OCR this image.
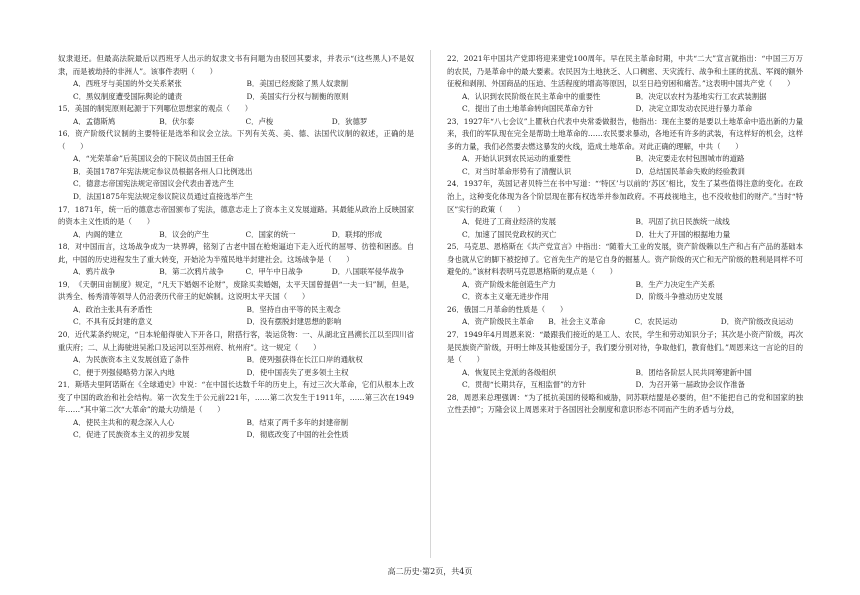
奴隶退还。但最高法院最后以西班牙人出示的奴隶文书有问题为由驳回其要求，并表示“(这些黑人)不是奴隶，而是被劫持的非洲人”。该事件表明（　　）
A．西班牙与美国的外交关系紧张	B．美国已经废除了黑人奴隶制
C．黑奴制度遭受国际舆论的谴责	D．美国实行分权与制衡的原则
15．美国的制宪原则起源于下列哪位思想家的观点（　　）
A．孟德斯鸠	B．伏尔泰	C．卢梭	D．狄德罗
16．资产阶级代议制的主要特征是选举和议会立法。下列有关英、美、德、法国代议制的叙述，正确的是（　　）
A．“光荣革命”后英国议会的下院议员由国王任命
B．美国1787年宪法规定参议员根据各州人口比例选出
C．德意志帝国宪法规定帝国议会代表由普选产生
D．法国1875年宪法规定参议院议员通过直接选举产生
17．1871年，统一后的德意志帝国颁布了宪法，德意志走上了资本主义发展道路。其最能从政治上反映国家的资本主义性质的是（　　）
A．内阁的建立	B．议会的产生	C．国家的统一	D．联邦的形成
18．对中国而言，这场战争成为一块界碑，铭刻了古老中国在枪炮逼迫下走入近代的屈辱、彷徨和困惑。自此，中国的历史进程发生了重大转变，开始沦为半殖民地半封建社会。这场战争是（　　）
A．鸦片战争	B．第二次鸦片战争	C．甲午中日战争	D．八国联军侵华战争
19．《天朝田亩制度》规定，“凡天下婚姻不论财”，废除买卖婚姻，太平天国曾提倡“一夫一妇”制，但是，洪秀全、杨秀清等领导人仍沿袭历代帝王的妃嫔制。这说明太平天国（　　）
A．政治主张具有矛盾性	B．坚持自由平等的民主观念
C．不具有反封建的意义	D．没有摆脱封建思想的影响
20．近代某条约规定，“日本轮船得驶入下开各口，附搭行客，装运货物：一、从湖北宜昌溯长江以至四川省重庆府；二、从上海驶进吴淞口及运河以至苏州府、杭州府”。这一规定（　　）
A．为民族资本主义发展创造了条件	B．使列强获得在长江口岸的通航权
C．便于列强侵略势力深入内地	D．使中国丧失了更多领土主权
21．斯塔夫里阿诺斯在《全球通史》中说：“在中国长达数千年的历史上，有过三次大革命，它们从根本上改变了中国的政治和社会结构。第一次发生于公元前221年，……第二次发生于1911年，……第三次在1949年……”其中第二次“大革命”的最大功绩是（　　）
A．使民主共和的观念深入人心	B．结束了两千多年的封建帝制
C．促进了民族资本主义的初步发展	D．彻底改变了中国的社会性质
22．2021年中国共产党即将迎来建党100周年。早在民主革命时期，中共“二大”宣言就指出：“中国三万万的农民，乃是革命中的最大要素。农民因为土地狭乏、人口稠密、天灾流行、战争和土匪的扰乱、军阀的额外征税和剥削、外国商品的压迫、生活程度的增高等原因，以至日趋穷困和痛苦。”这表明中国共产党（　　）
A．认识到农民阶级在民主革命中的重要性	B．决定以农村为基地实行工农武装割据
C．提出了由土地革命转向国民革命方针	D．决定立即发动农民进行暴力革命
23．1927年“八七会议”上瞿秋白代表中央常委做报告，他指出：现在主要的是要以土地革命中造出新的力量来，我们的军队现在完全是帮助土地革命的……农民要求暴动，各地还有许多的武装，有这样好的机会，这样多的力量，我们必然要去燃这暴发的火线，造成土地革命。对此正确的理解，中共（　　）
A．开始认识到农民运动的重要性	B．决定要走农村包围城市的道路
C．对当时革命形势有了清醒认识	D．总结国民革命失败的经验教训
24．1937年，英国记者贝特兰在书中写道：“‘特区’与以前的‘苏区’相比，发生了某些值得注意的变化。在政治上，这种变化体现为各个阶层现在都有权选举并参加政府。不再歧视地主，也不没收他们的财产。”当时“特区”实行的政策（　　）
A．促进了工商业经济的发展	B．巩固了抗日民族统一战线
C．加速了国民党政权的灭亡	D．壮大了开国的根据地力量
25．马克思、恩格斯在《共产党宣言》中指出：“随着大工业的发展，资产阶级赖以生产和占有产品的基础本身也就从它的脚下被挖掉了。它首先生产的是它自身的掘墓人。资产阶级的灭亡和无产阶级的胜利是同样不可避免的。”该材料表明马克思恩格斯的观点是（　　）
A．资产阶级未能创造生产力	B．生产力决定生产关系
C．资本主义毫无进步作用	D．阶级斗争推动历史发展
26．俄国二月革命的性质是（　　）
A．资产阶级民主革命	B．社会主义革命	C．农民运动	D．资产阶级改良运动
27．1949年4月周恩来说：“最跟我们接近的是工人、农民，学生和劳动知识分子；其次是小资产阶级，再次是民族资产阶级，开明士绅及其他爱国分子，我们要分别对待，争取他们，教育他们。”周恩来这一言论的目的是（　　）
A．恢复民主党派的各级组织	B．团结各阶层人民共同筹建新中国
C．贯彻“长期共存，互相监督”的方针	D．为召开第一届政协会议作准备
28．周恩来总理强调：“为了抵抗美国的侵略和威胁，同苏联结盟是必要的，但“不能把自己的党和国家的独立性丢掉”；万隆会议上周恩来对于各国因社会制度和意识形态不同而产生的矛盾与分歧，
高二历史·第2页，共4页
